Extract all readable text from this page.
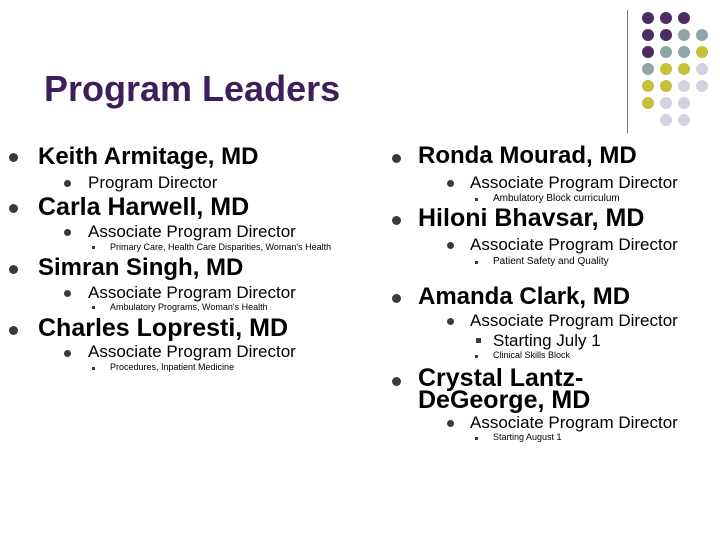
Program Leaders
Keith Armitage, MD
Program Director
Carla Harwell, MD
Associate Program Director
Primary Care, Health Care Disparities, Woman's Health
Simran Singh, MD
Associate Program Director
Ambulatory Programs, Woman's Health
Charles Lopresti, MD
Associate Program Director
Procedures, Inpatient Medicine
Ronda Mourad, MD
Associate Program Director
Ambulatory Block curriculum
Hiloni Bhavsar, MD
Associate Program Director
Patient Safety and Quality
Amanda Clark, MD
Associate Program Director
Starting July 1
Clinical Skills Block
Crystal Lantz-
DeGeorge, MD
Associate Program Director
Starting August 1
